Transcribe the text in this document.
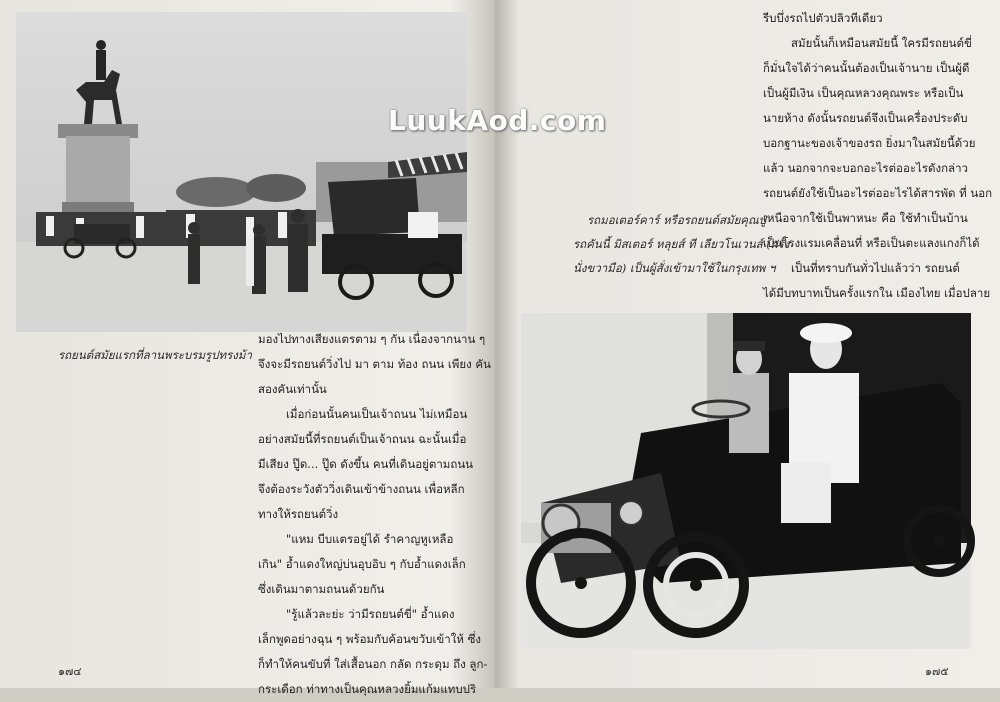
รถยนต์สมัยแรกที่ลานพระบรมรูปทรงม้า

มองไปทางเสียงแตรตาม ๆ กัน เนื่องจากนาน ๆ

จึงจะมีรถยนต์วิ่งไป มา ตาม ท้อง ถนน เพียง คัน

สองคันเท่านั้น

เมื่อก่อนนั้นคนเป็นเจ้าถนน ไม่เหมือน

อย่างสมัยนี้ที่รถยนต์เป็นเจ้าถนน ฉะนั้นเมื่อ

มีเสียง ปู๊ด... ปู๊ด ดังขึ้น คนที่เดินอยู่ตามถนน

จึงต้องระวังตัววิ่งเดินเข้าข้างถนน เพื่อหลีก

ทางให้รถยนต์วิ่ง

"แหม บีบแตรอยู่ได้ รำคาญหูเหลือ

เกิน" อ้ำแดงใหญ่บ่นอุบอิบ ๆ กับอ้ำแดงเล็ก

ซึ่งเดินมาตามถนนด้วยกัน

"รู้แล้วละย่ะ ว่ามีรถยนต์ขี่" อ้ำแดง

เล็กพูดอย่างฉุน ๆ พร้อมกับค้อนขวับเข้าให้ ซึ่ง

ก็ทำให้คนขับที่ ใส่เสื้อนอก กลัด กระดุม ถึง ลูก-

กระเดือก ท่าทางเป็นคุณหลวงยิ้มแก้มแทบปริ

๑๗๔

รีบบึ่งรถไปตัวปลิวทีเดียว

สมัยนั้นก็เหมือนสมัยนี้ ใครมีรถยนต์ขี่

ก็มั่นใจได้ว่าคนนั้นต้องเป็นเจ้านาย เป็นผู้ดี

เป็นผู้มีเงิน เป็นคุณหลวงคุณพระ หรือเป็น

นายห้าง ดังนั้นรถยนต์จึงเป็นเครื่องประดับ

บอกฐานะของเจ้าของรถ ยิ่งมาในสมัยนี้ด้วย

แล้ว นอกจากจะบอกอะไรต่ออะไรดังกล่าว

รถยนต์ยังใช้เป็นอะไรต่ออะไรได้สารพัด ที่ นอก

เหนือจากใช้เป็นพาหนะ คือ ใช้ทำเป็นบ้าน

เป็นโรงแรมเคลื่อนที่ หรือเป็นตะแลงแกงก็ได้

เป็นที่ทราบกันทั่วไปแล้วว่า รถยนต์

ได้มีบทบาทเป็นครั้งแรกใน เมืองไทย เมื่อปลาย

รถมอเตอร์คาร์ หรือรถยนต์สมัยคุณปู่
รถคันนี้ มิสเตอร์ หลุยส์ ที เลียวโนเวนส์ (ฝรั่ง
นั่งขวามือ) เป็นผู้สั่งเข้ามาใช้ในกรุงเทพ ฯ
๑๗๕
LuukAod.com
